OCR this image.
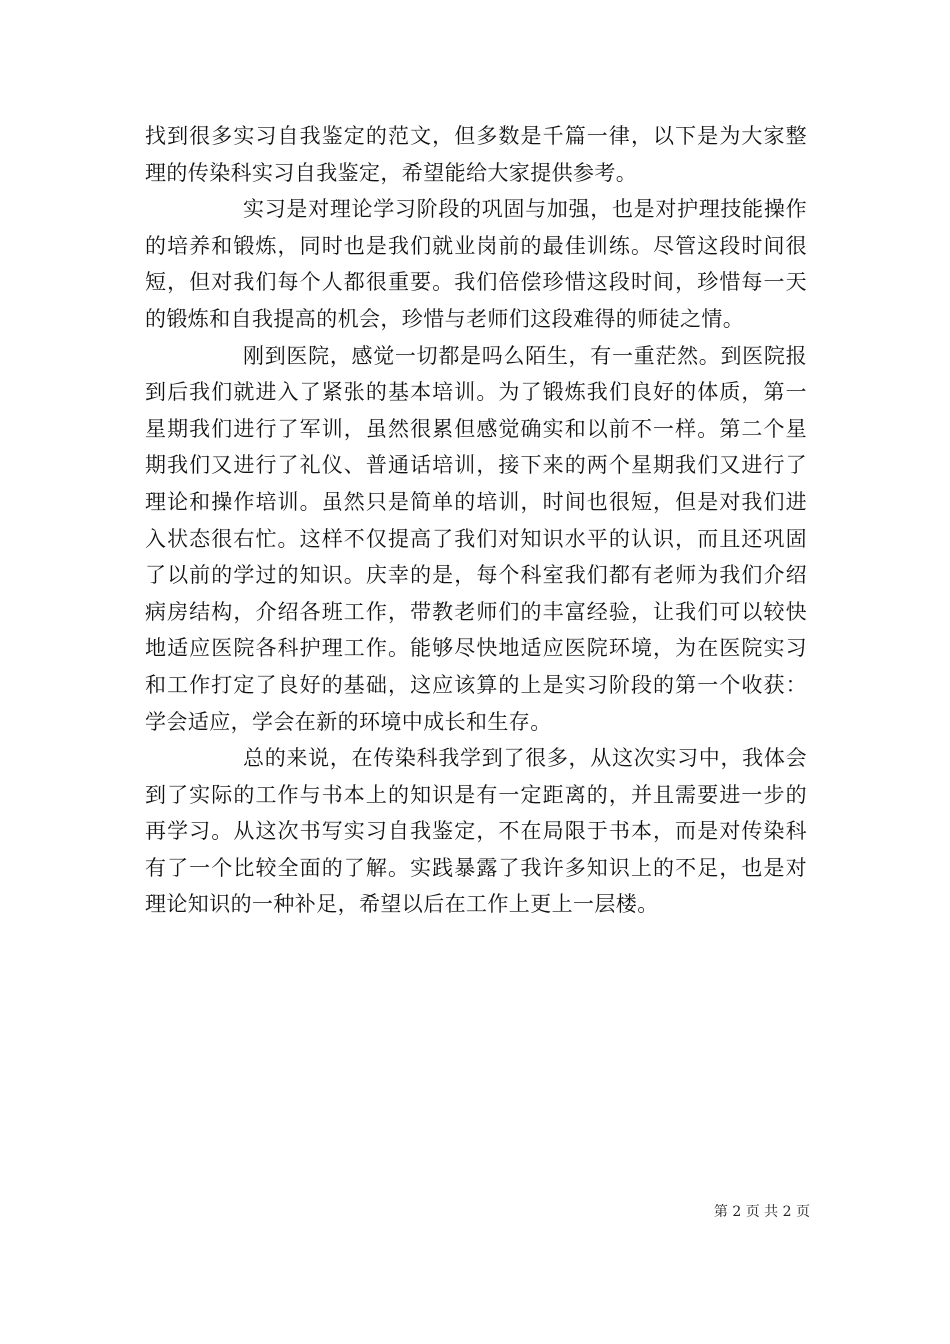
找到很多实习自我鉴定的范文，但多数是千篇一律，以下是为大家整理的传染科实习自我鉴定，希望能给大家提供参考。

实习是对理论学习阶段的巩固与加强，也是对护理技能操作的培养和锻炼，同时也是我们就业岗前的最佳训练。尽管这段时间很短，但对我们每个人都很重要。我们倍偿珍惜这段时间，珍惜每一天的锻炼和自我提高的机会，珍惜与老师们这段难得的师徒之情。

刚到医院，感觉一切都是吗么陌生，有一重茫然。到医院报到后我们就进入了紧张的基本培训。为了锻炼我们良好的体质，第一星期我们进行了军训，虽然很累但感觉确实和以前不一样。第二个星期我们又进行了礼仪、普通话培训，接下来的两个星期我们又进行了理论和操作培训。虽然只是简单的培训，时间也很短，但是对我们进入状态很右忙。这样不仅提高了我们对知识水平的认识，而且还巩固了以前的学过的知识。庆幸的是，每个科室我们都有老师为我们介绍病房结构，介绍各班工作，带教老师们的丰富经验，让我们可以较快地适应医院各科护理工作。能够尽快地适应医院环境，为在医院实习和工作打定了良好的基础，这应该算的上是实习阶段的第一个收获：学会适应，学会在新的环境中成长和生存。

总的来说，在传染科我学到了很多，从这次实习中，我体会到了实际的工作与书本上的知识是有一定距离的，并且需要进一步的再学习。从这次书写实习自我鉴定，不在局限于书本，而是对传染科有了一个比较全面的了解。实践暴露了我许多知识上的不足，也是对理论知识的一种补足，希望以后在工作上更上一层楼。

第 2 页 共 2 页
